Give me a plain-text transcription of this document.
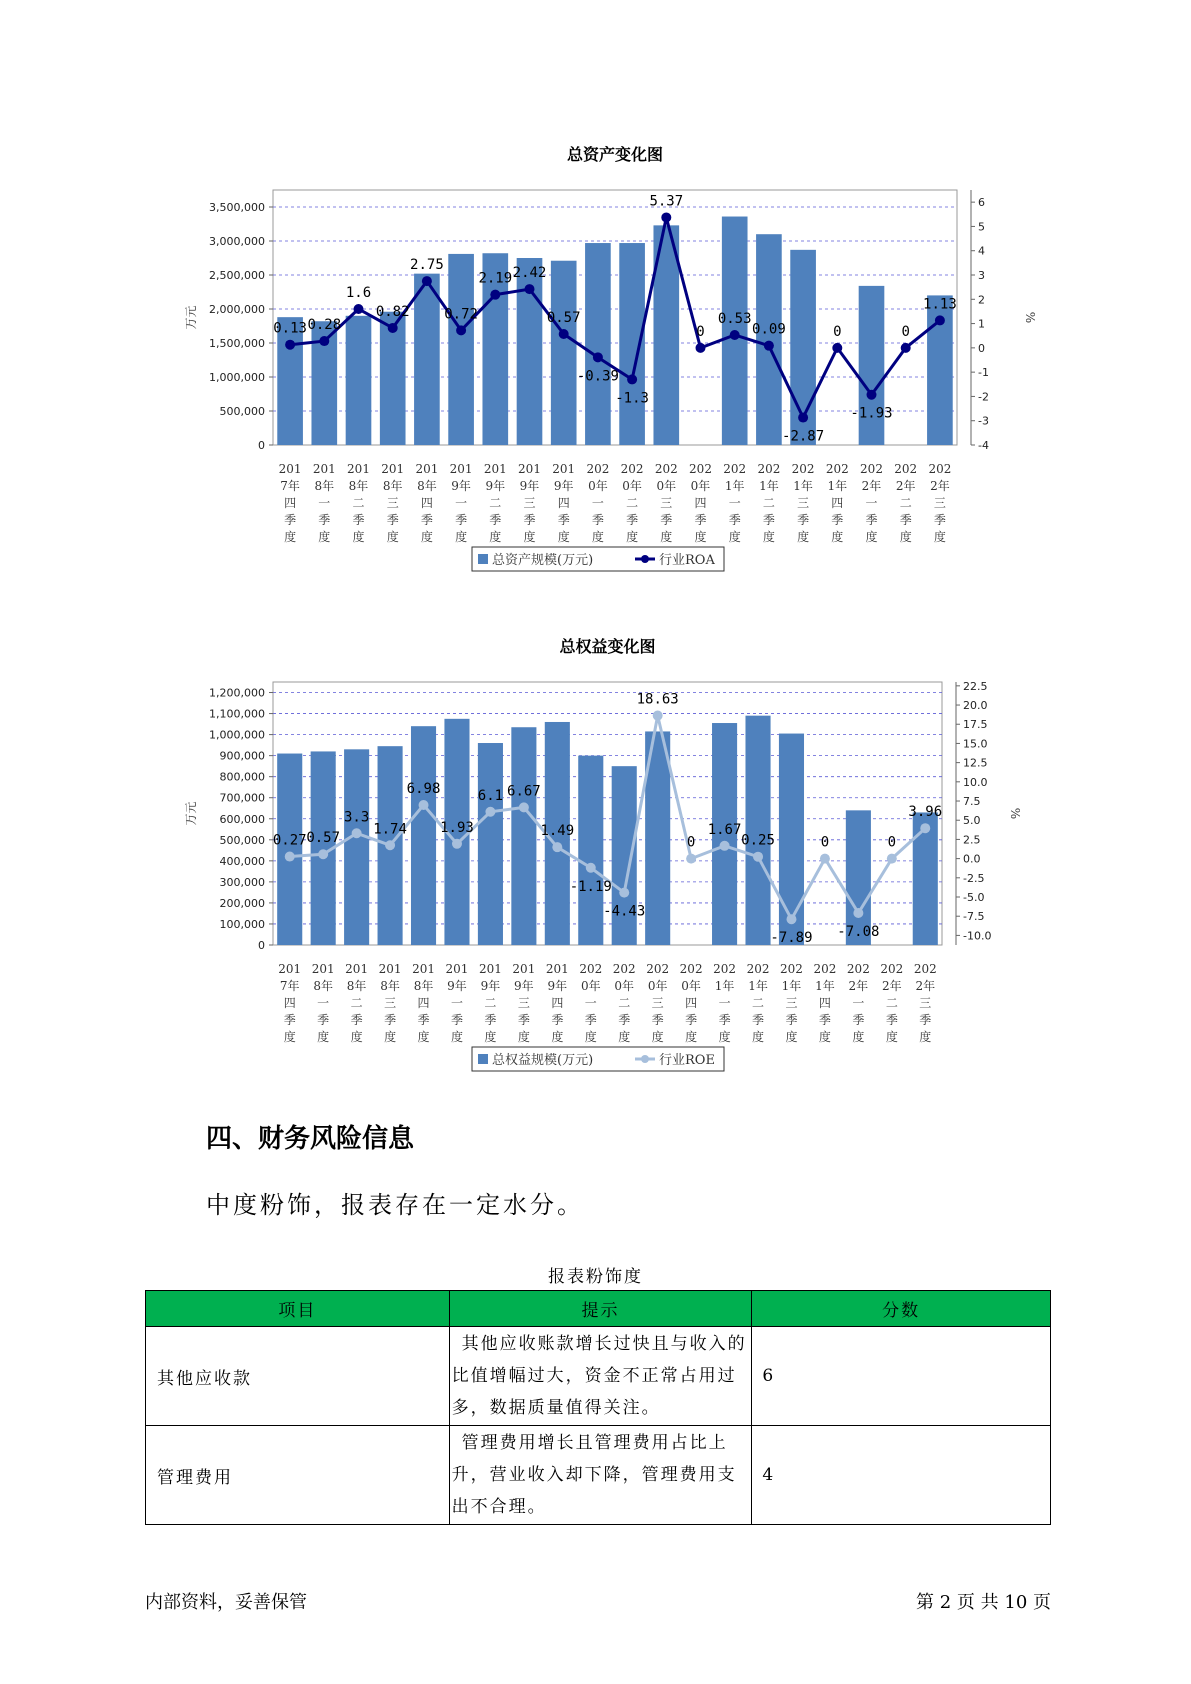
总资产变化图
0
500,000
1,000,000
1,500,000
2,000,000
2,500,000
3,000,000
3,500,000
-4
-3
-2
-1
0
1
2
3
4
5
6
万元	%
201
7年
四
季
度
201
8年
一
季
度
201
8年
二
季
度
201
8年
三
季
度
201
8年
四
季
度
201
9年
一
季
度
201
9年
二
季
度
201
9年
三
季
度
201
9年
四
季
度
202
0年
一
季
度
202
0年
二
季
度
202
0年
三
季
度
202
0年
四
季
度
202
1年
一
季
度
202
1年
二
季
度
202
1年
三
季
度
202
1年
四
季
度
202
2年
一
季
度
202
2年
二
季
度
202
2年
三
季
度
0.13 0.28
1.6
0.82
2.75
0.72
2.19 2.42
0.57
-0.39
-1.3
5.37
0
0.53
0.09
-2.87
0
-1.93
0
1.13
总资产规模(万元)	行业ROA
总权益变化图
0
100,000
200,000
300,000
400,000
500,000
600,000
700,000
800,000
900,000
1,000,000
1,100,000
1,200,000
-10.0
-7.5
-5.0
-2.5
0.0
2.5
5.0
7.5
10.0
12.5
15.0
17.5
20.0
22.5
万元	%
201
7年
四
季
度
201
8年
一
季
度
201
8年
二
季
度
201
8年
三
季
度
201
8年
四
季
度
201
9年
一
季
度
201
9年
二
季
度
201
9年
三
季
度
201
9年
四
季
度
202
0年
一
季
度
202
0年
二
季
度
202
0年
三
季
度
202
0年
四
季
度
202
1年
一
季
度
202
1年
二
季
度
202
1年
三
季
度
202
1年
四
季
度
202
2年
一
季
度
202
2年
二
季
度
202
2年
三
季
度
0.27 0.57
3.3
1.74
6.98
1.93
6.1 6.67
1.49
-1.19
-4.43
18.63
0
1.67
0.25
-7.89
0
-7.08
0
3.96
总权益规模(万元)	行业ROE
四、财务风险信息

中度粉饰，报表存在一定水分。

报表粉饰度
项目	提示	分数
其他应收款	其他应收账款增长过快且与收入的比值增幅过大，资金不正常占用过多，数据质量值得关注。	6
管理费用	管理费用增长且管理费用占比上升，营业收入却下降，管理费用支出不合理。	4
内部资料，妥善保管	第 2 页 共 10 页
